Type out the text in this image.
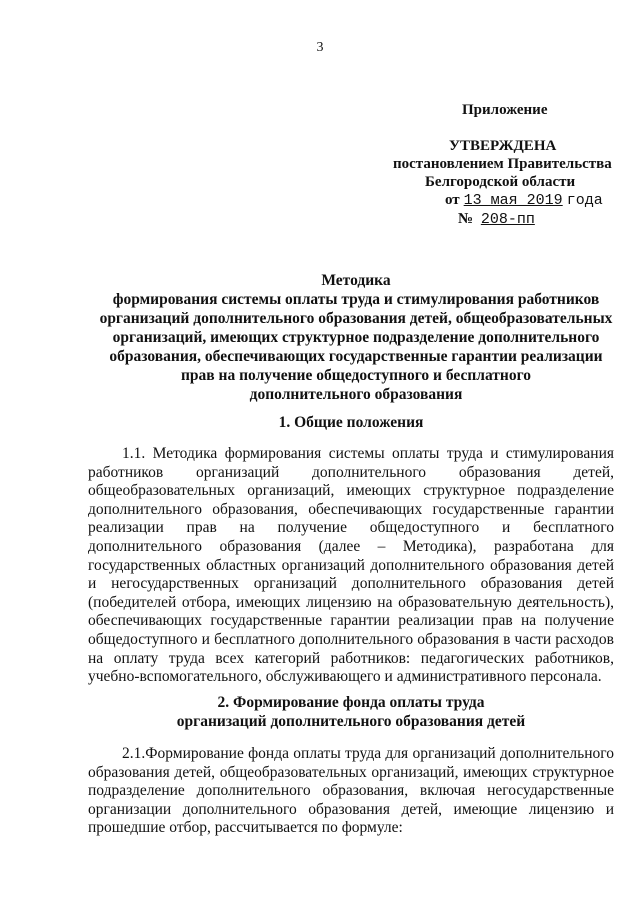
3
Приложение
УТВЕРЖДЕНА
постановлением Правительства
Белгородской области
от 13 мая 2019 года
№ 208-пп
Методика
формирования системы оплаты труда и стимулирования работников
организаций дополнительного образования детей, общеобразовательных
организаций, имеющих структурное подразделение дополнительного
образования, обеспечивающих государственные гарантии реализации
прав на получение общедоступного и бесплатного
дополнительного образования
1. Общие положения

1.1. Методика формирования системы оплаты труда и стимулирования работников организаций дополнительного образования детей, общеобразовательных организаций, имеющих структурное подразделение дополнительного образования, обеспечивающих государственные гарантии реализации прав на получение общедоступного и бесплатного дополнительного образования (далее – Методика), разработана для государственных областных организаций дополнительного образования детей и негосударственных организаций дополнительного образования детей (победителей отбора, имеющих лицензию на образовательную деятельность), обеспечивающих государственные гарантии реализации прав на получение общедоступного и бесплатного дополнительного образования в части расходов на оплату труда всех категорий работников: педагогических работников, учебно-вспомогательного, обслуживающего и административного персонала.

2. Формирование фонда оплаты труда
организаций дополнительного образования детей

2.1.Формирование фонда оплаты труда для организаций дополнительного образования детей, общеобразовательных организаций, имеющих структурное подразделение дополнительного образования, включая негосударственные организации дополнительного образования детей, имеющие лицензию и прошедшие отбор, рассчитывается по формуле:
